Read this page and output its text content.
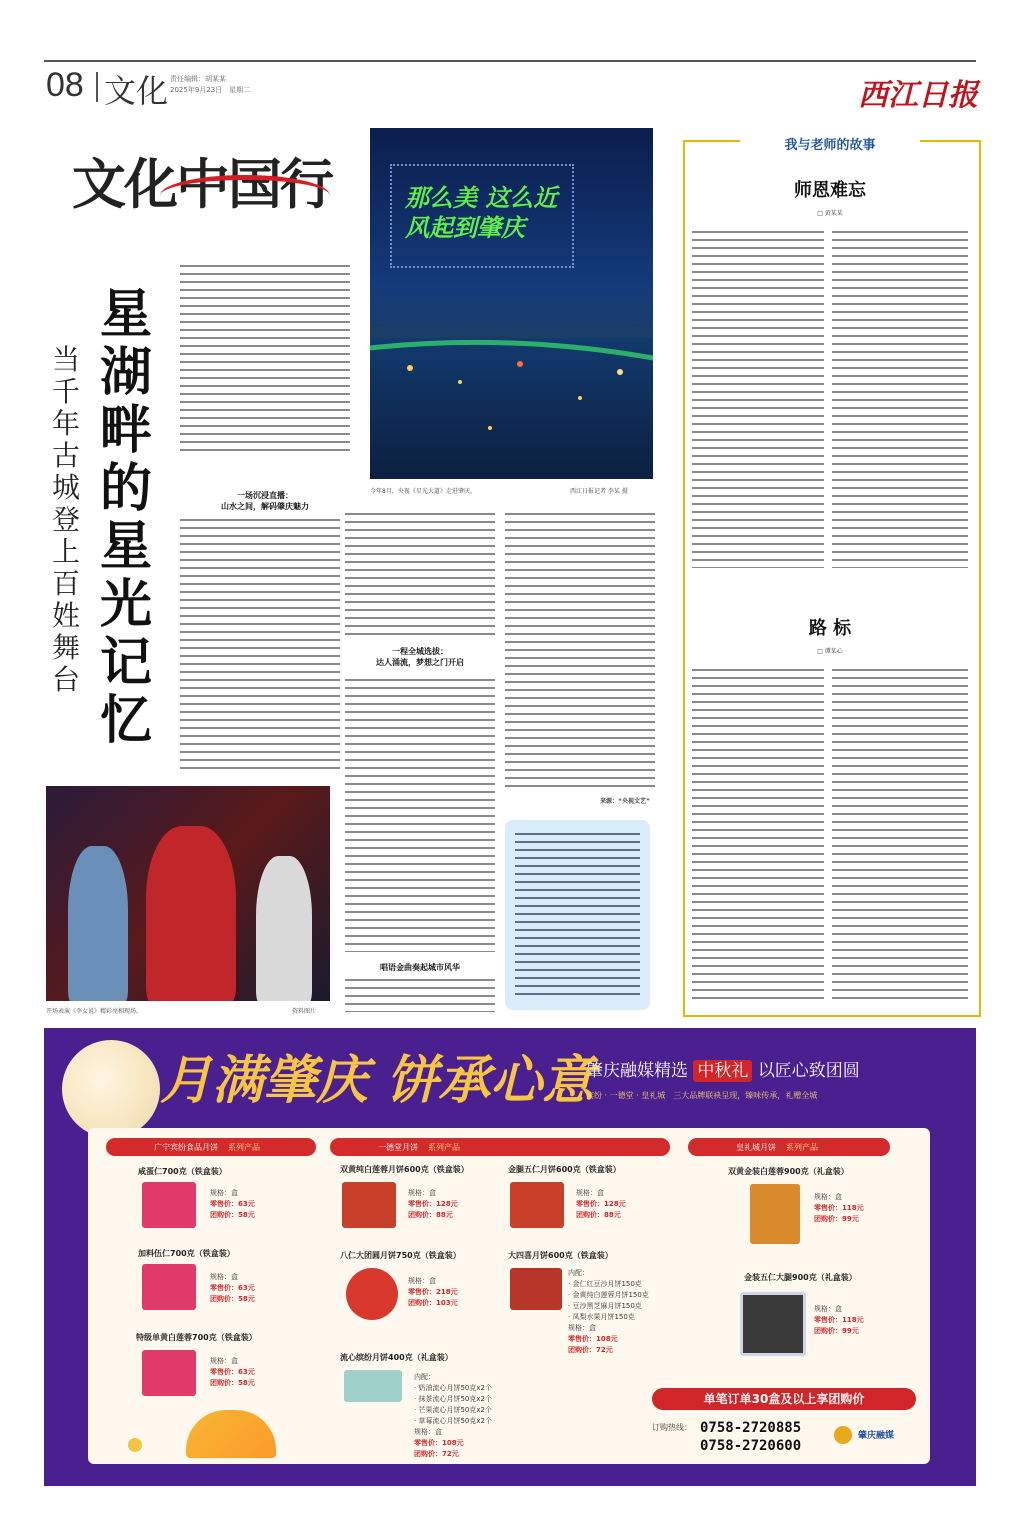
08 文化 责任编辑：胡某某
2025年9月23日　星期二	西江日报
文化中国行
星湖畔的星光记忆
当千年古城登上百姓舞台
一场沉浸直播：
山水之间，解码肇庆魅力
一程全城选拔：
达人涌流，梦想之门开启
唱语金曲奏起城市风华
来源：“央视文艺”
那么美 这么近
风起到肇庆
今年8月，央视《星光大道》走进肇庆。	西江日报记者 李某 摄
开场表演《李女说》精彩亮相现场。	资料图片
我与老师的故事
师恩难忘
□ 黄某某
路 标
□ 谭某心
月满肇庆 饼承心意
肇庆融媒精选 中秋礼 以匠心致团圆
宾纷 · 一德堂 · 皇礼城　三大品牌联袂呈现，臻味传承，礼赠全城
广宁宾纷食品月饼 系列产品
咸蛋仁700克（铁盒装）
规格：盒
零售价：63元
团购价：58元
加料伍仁700克（铁盒装）
规格：盒
零售价：63元
团购价：58元
特级单黄白莲蓉700克（铁盒装）
规格：盒
零售价：63元
团购价：58元
一德堂月饼 系列产品
双黄纯白莲蓉月饼600克（铁盒装）
规格：盒
零售价：128元
团购价：88元
金腿五仁月饼600克（铁盒装）
规格：盒
零售价：128元
团购价：88元
八仁大团圆月饼750克（铁盒装）
规格：盒
零售价：218元
团购价：103元
大四喜月饼600克（铁盒装）
内配：
· 金仁红豆沙月饼150克
· 金黄纯白莲蓉月饼150克
· 豆沙黑芝麻月饼150克
· 凤梨水果月饼150克
规格：盒
零售价：108元
团购价：72元
流心缤纷月饼400克（礼盒装）
内配：
· 奶油流心月饼50克x2个
· 抹茶流心月饼50克x2个
· 芒果流心月饼50克x2个
· 草莓流心月饼50克x2个
规格：盒
零售价：108元
团购价：72元
皇礼城月饼 系列产品
双黄金装白莲蓉900克（礼盒装）
规格：盒
零售价：118元
团购价：99元
金装五仁大腿900克（礼盒装）
规格：盒
零售价：118元
团购价：99元
单笔订单30盒及以上享团购价
订购热线： 0758-2720885
0758-2720600
肇庆融媒
